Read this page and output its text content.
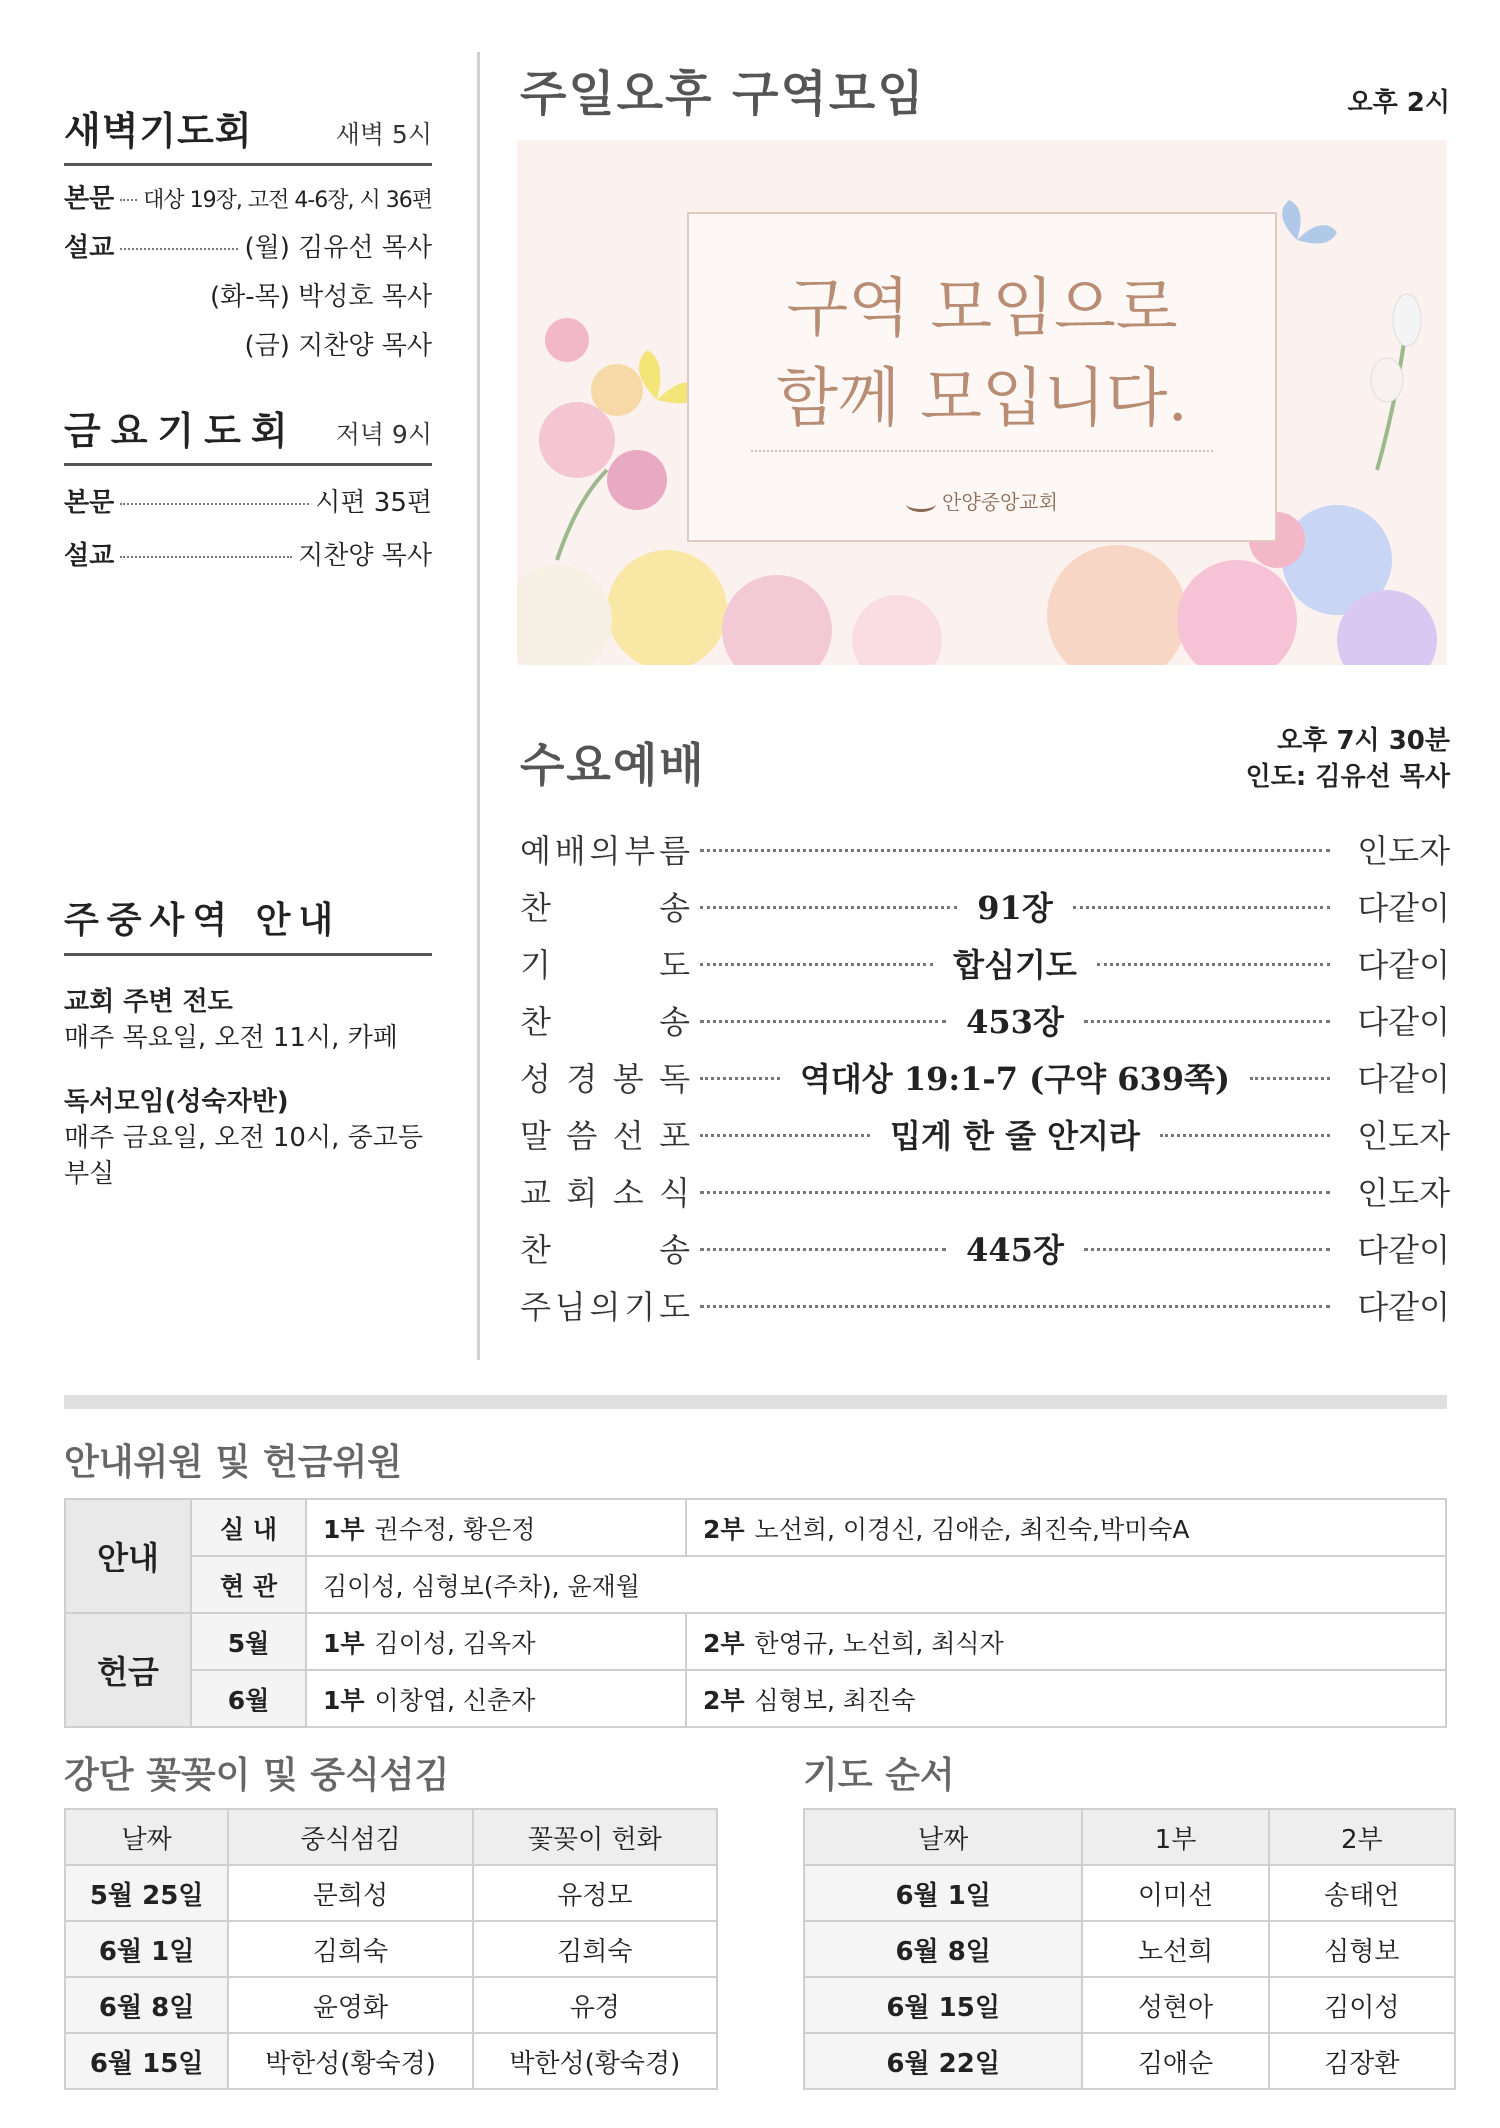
새벽기도회	새벽 5시
본문 대상 19장, 고전 4-6장, 시 36편
설교	(월) 김유선 목사
(화-목) 박성호 목사
(금) 지찬양 목사
금요기도회 저녁 9시
본문	시편 35편
설교	지찬양 목사
주중사역 안내
교회 주변 전도
매주 목요일, 오전 11시, 카페
독서모임(성숙자반)
매주 금요일, 오전 10시, 중고등부실
주일오후 구역모임	오후 2시
구역 모임으로
함께 모입니다.
안양중앙교회
수요예배	오후 7시 30분
인도: 김유선 목사
예 배 의 부 름	인도자
찬	송	91장	다같이
기	도	합심기도	다같이
찬	송	453장	다같이
성 경 봉 독	역대상 19:1-7 (구약 639쪽)	다같이
말 씀 선 포	밉게 한 줄 안지라	인도자
교 회 소 식	인도자
찬	송	445장	다같이
주 님 의 기 도	다같이
안내위원 및 헌금위원
안내	실 내	1부 권수정, 황은정	2부 노선희, 이경신, 김애순, 최진숙,박미숙A
	현 관	김이성, 심형보(주차), 윤재월	
헌금	5월	1부 김이성, 김옥자	2부 한영규, 노선희, 최식자
	6월	1부 이창엽, 신춘자	2부 심형보, 최진숙
강단 꽃꽂이 및 중식섬김	기도 순서
날짜	중식섬김	꽃꽂이 헌화
5월 25일	문희성	유정모
6월 1일	김희숙	김희숙
6월 8일	윤영화	유경
6월 15일	박한성(황숙경)	박한성(황숙경)
날짜	1부	2부
6월 1일	이미선	송태언
6월 8일	노선희	심형보
6월 15일	성현아	김이성
6월 22일	김애순	김장환
